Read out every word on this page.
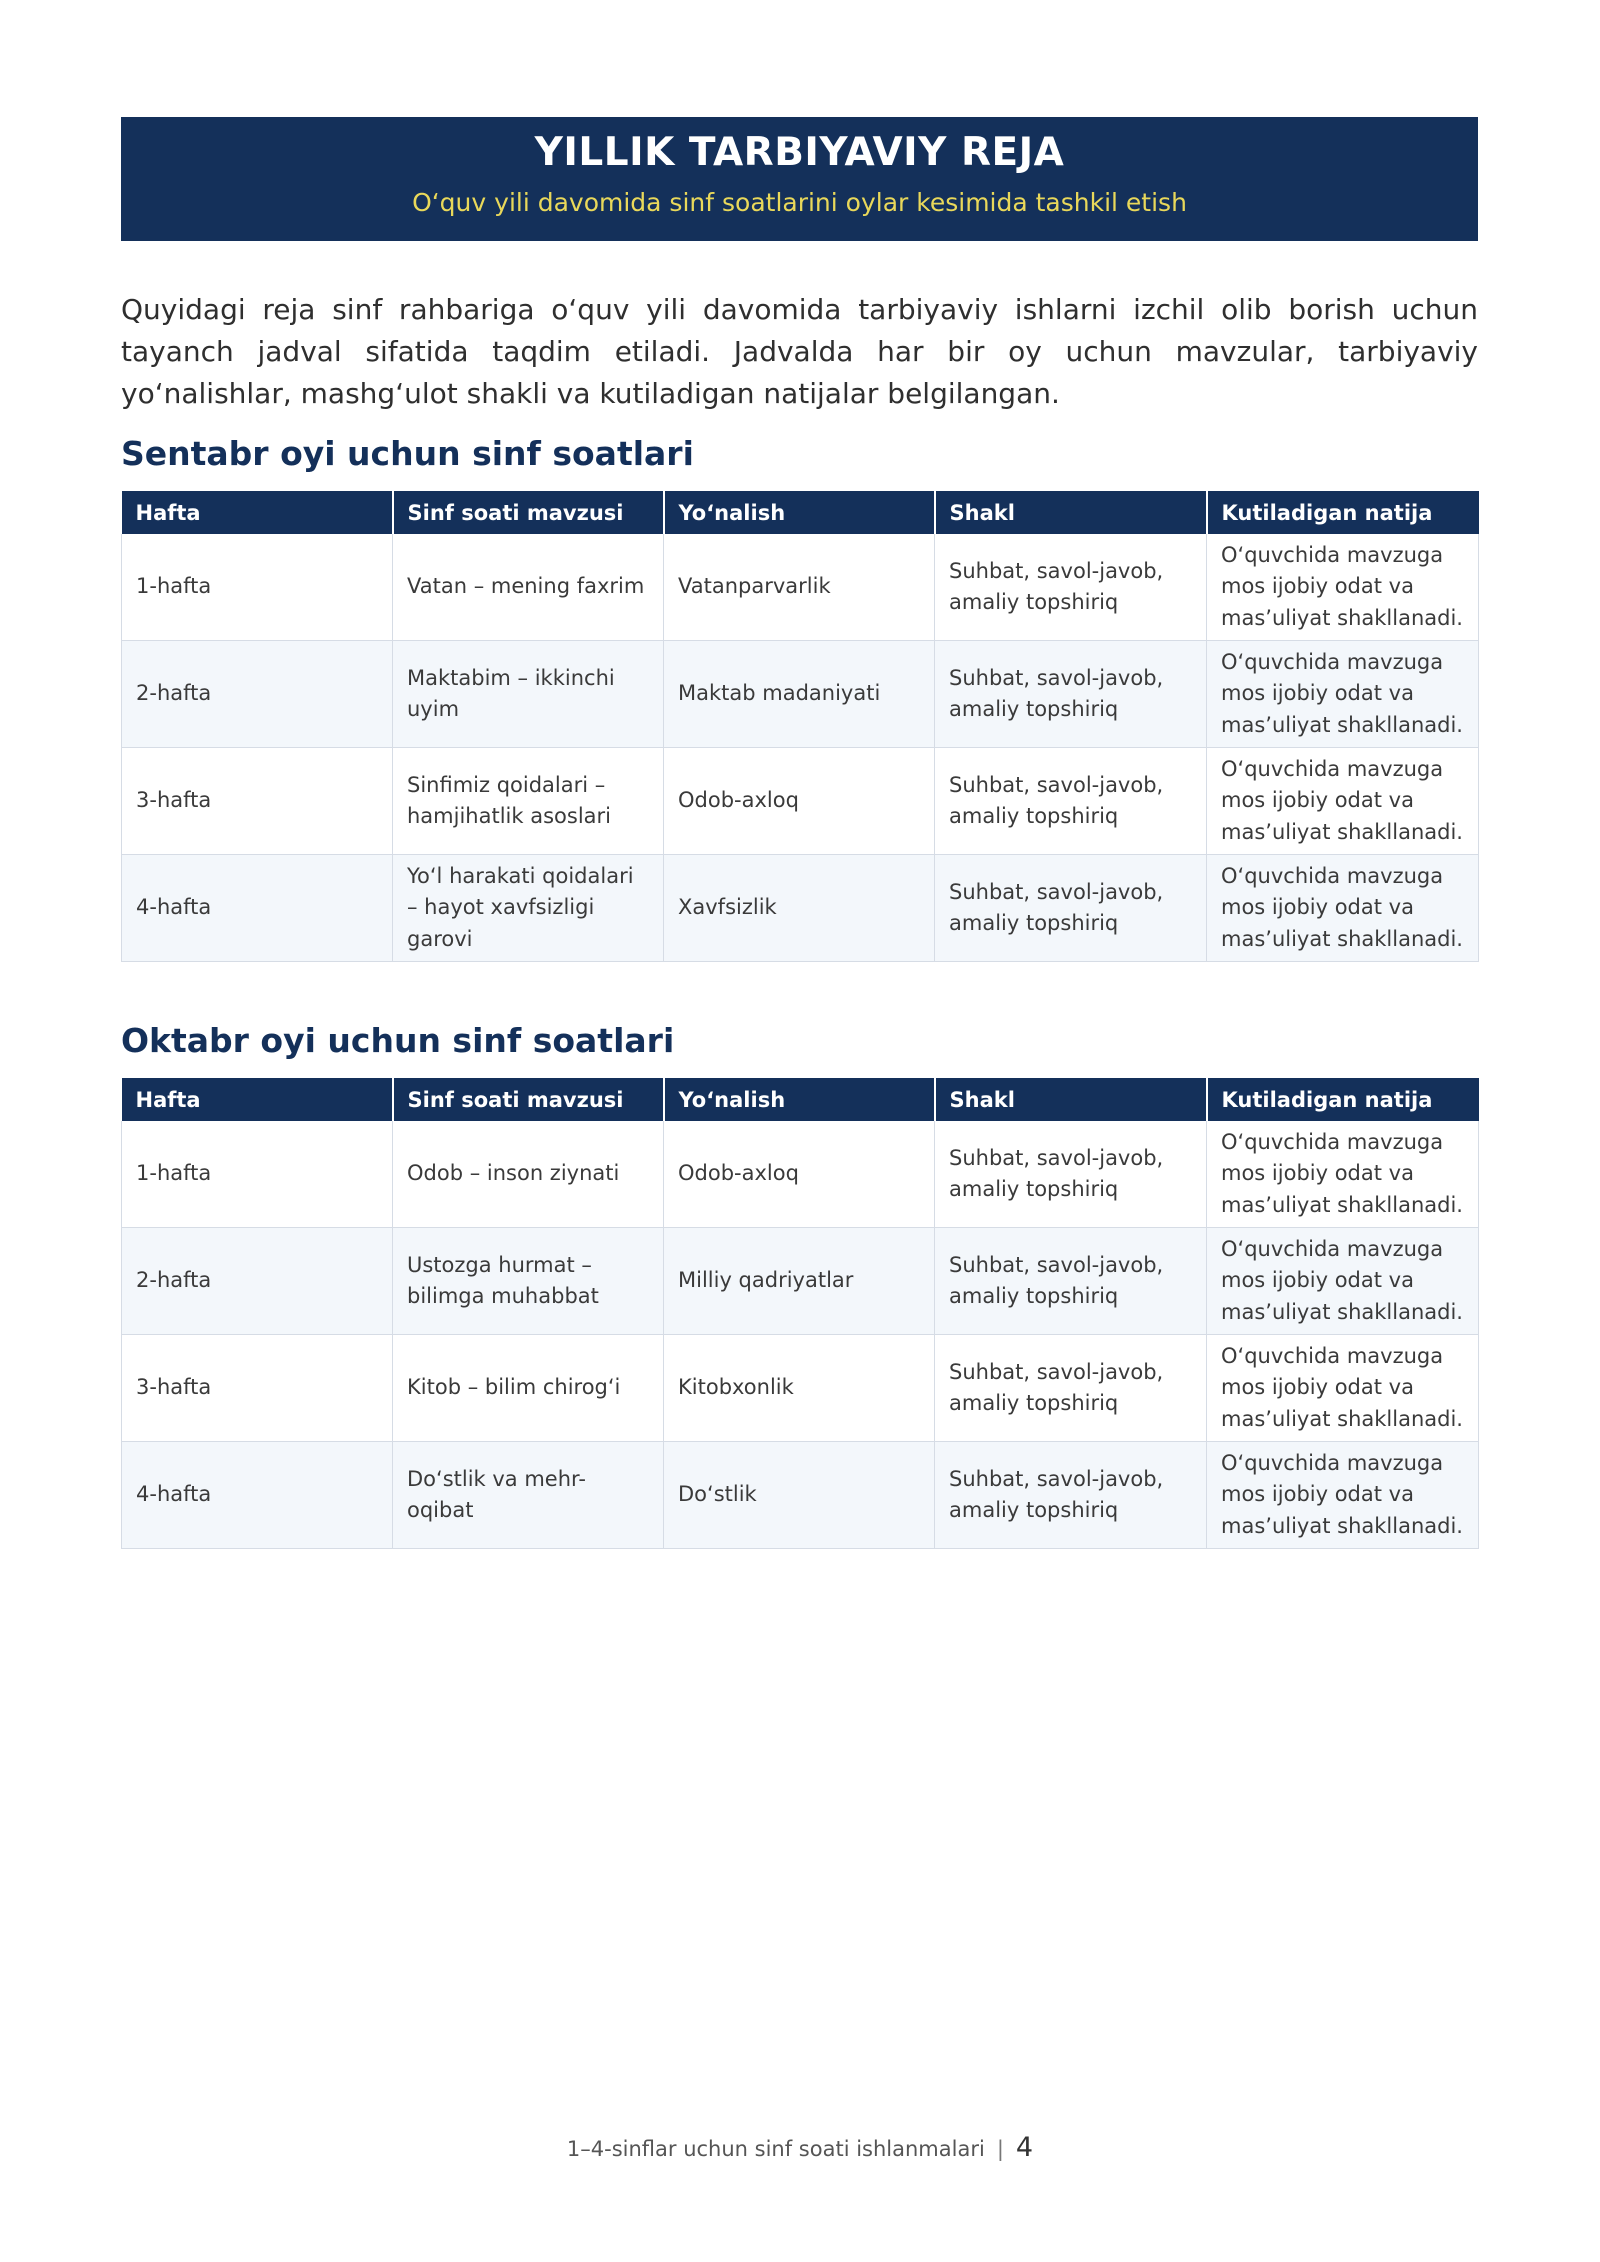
YILLIK TARBIYAVIY REJA
O‘quv yili davomida sinf soatlarini oylar kesimida tashkil etish
Quyidagi reja sinf rahbariga o‘quv yili davomida tarbiyaviy ishlarni izchil olib borish uchun tayanch jadval sifatida taqdim etiladi. Jadvalda har bir oy uchun mavzular, tarbiyaviy yo‘nalishlar, mashg‘ulot shakli va kutiladigan natijalar belgilangan.
Sentabr oyi uchun sinf soatlari
Hafta	Sinf soati mavzusi	Yo‘nalish	Shakl	Kutiladigan natija
1-hafta	Vatan – mening faxrim	Vatanparvarlik	Suhbat, savol-javob, amaliy topshiriq	O‘quvchida mavzuga mos ijobiy odat va mas’uliyat shakllanadi.
2-hafta	Maktabim – ikkinchi uyim	Maktab madaniyati	Suhbat, savol-javob, amaliy topshiriq	O‘quvchida mavzuga mos ijobiy odat va mas’uliyat shakllanadi.
3-hafta	Sinfimiz qoidalari – hamjihatlik asoslari	Odob-axloq	Suhbat, savol-javob, amaliy topshiriq	O‘quvchida mavzuga mos ijobiy odat va mas’uliyat shakllanadi.
4-hafta	Yo‘l harakati qoidalari – hayot xavfsizligi garovi	Xavfsizlik	Suhbat, savol-javob, amaliy topshiriq	O‘quvchida mavzuga mos ijobiy odat va mas’uliyat shakllanadi.
Oktabr oyi uchun sinf soatlari
Hafta	Sinf soati mavzusi	Yo‘nalish	Shakl	Kutiladigan natija
1-hafta	Odob – inson ziynati	Odob-axloq	Suhbat, savol-javob, amaliy topshiriq	O‘quvchida mavzuga mos ijobiy odat va mas’uliyat shakllanadi.
2-hafta	Ustozga hurmat – bilimga muhabbat	Milliy qadriyatlar	Suhbat, savol-javob, amaliy topshiriq	O‘quvchida mavzuga mos ijobiy odat va mas’uliyat shakllanadi.
3-hafta	Kitob – bilim chirog‘i	Kitobxonlik	Suhbat, savol-javob, amaliy topshiriq	O‘quvchida mavzuga mos ijobiy odat va mas’uliyat shakllanadi.
4-hafta	Do‘stlik va mehr-oqibat	Do‘stlik	Suhbat, savol-javob, amaliy topshiriq	O‘quvchida mavzuga mos ijobiy odat va mas’uliyat shakllanadi.
1–4-sinflar uchun sinf soati ishlanmalari | 4
